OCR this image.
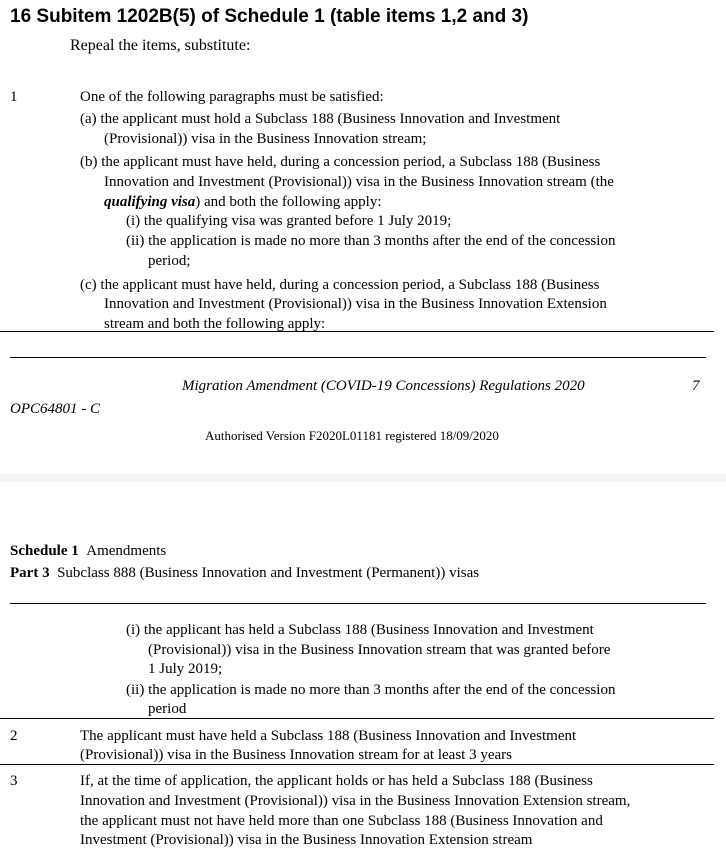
16 Subitem 1202B(5) of Schedule 1 (table items 1,2 and 3)
Repeal the items, substitute:
1	One of the following paragraphs must be satisfied:
(a) the applicant must hold a Subclass 188 (Business Innovation and Investment
(Provisional)) visa in the Business Innovation stream;
(b) the applicant must have held, during a concession period, a Subclass 188 (Business
Innovation and Investment (Provisional)) visa in the Business Innovation stream (the
qualifying visa) and both the following apply:
(i) the qualifying visa was granted before 1 July 2019;
(ii) the application is made no more than 3 months after the end of the concession
period;
(c) the applicant must have held, during a concession period, a Subclass 188 (Business
Innovation and Investment (Provisional)) visa in the Business Innovation Extension
stream and both the following apply:
Migration Amendment (COVID-19 Concessions) Regulations 2020	7
OPC64801 - C
Authorised Version F2020L01181 registered 18/09/2020
Schedule 1 Amendments
Part 3 Subclass 888 (Business Innovation and Investment (Permanent)) visas
(i) the applicant has held a Subclass 188 (Business Innovation and Investment
(Provisional)) visa in the Business Innovation stream that was granted before
1 July 2019;
(ii) the application is made no more than 3 months after the end of the concession
period
2	The applicant must have held a Subclass 188 (Business Innovation and Investment
(Provisional)) visa in the Business Innovation stream for at least 3 years
3	If, at the time of application, the applicant holds or has held a Subclass 188 (Business
Innovation and Investment (Provisional)) visa in the Business Innovation Extension stream,
the applicant must not have held more than one Subclass 188 (Business Innovation and
Investment (Provisional)) visa in the Business Innovation Extension stream
